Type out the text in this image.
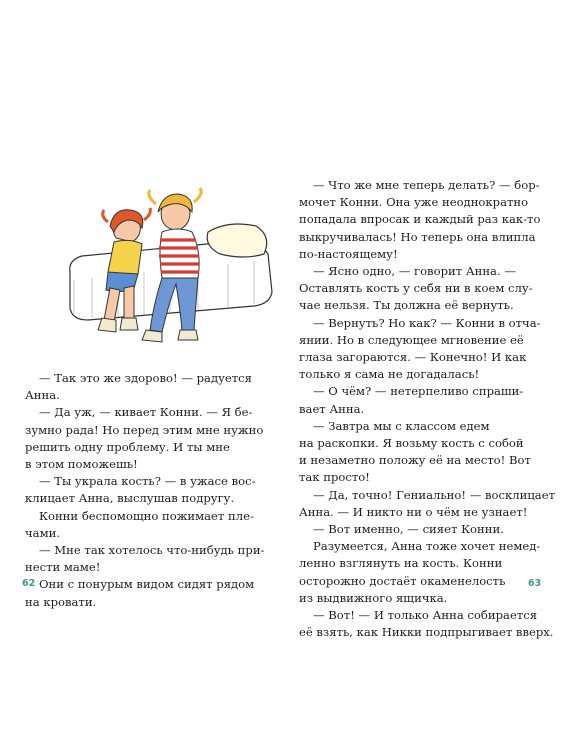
— Так это же здорово! — радуется

Анна.

— Да уж, — кивает Конни. — Я бе-

зумно рада! Но перед этим мне нужно

решить одну проблему. И ты мне

в этом поможешь!

— Ты украла кость? — в ужасе вос-

клицает Анна, выслушав подругу.

Конни беспомощно пожимает пле-

чами.

— Мне так хотелось что-нибудь при-

нести маме!

Они с понурым видом сидят рядом

на кровати.

— Что же мне теперь делать? — бор-

мочет Конни. Она уже неоднократно

попадала впросак и каждый раз как-то

выкручивалась! Но теперь она влипла

по-настоящему!

— Ясно одно, — говорит Анна. —

Оставлять кость у себя ни в коем слу-

чае нельзя. Ты должна её вернуть.

— Вернуть? Но как? — Конни в отча-

янии. Но в следующее мгновение её

глаза загораются. — Конечно! И как

только я сама не догадалась!

— О чём? — нетерпеливо спраши-

вает Анна.

— Завтра мы с классом едем

на раскопки. Я возьму кость с собой

и незаметно положу её на место! Вот

так просто!

— Да, точно! Гениально! — восклицает

Анна. — И никто ни о чём не узнает!

— Вот именно, — сияет Конни.

Разумеется, Анна тоже хочет немед-

ленно взглянуть на кость. Конни

осторожно достаёт окаменелость

из выдвижного ящичка.

— Вот! — И только Анна собирается

её взять, как Никки подпрыгивает вверх.

62	63
